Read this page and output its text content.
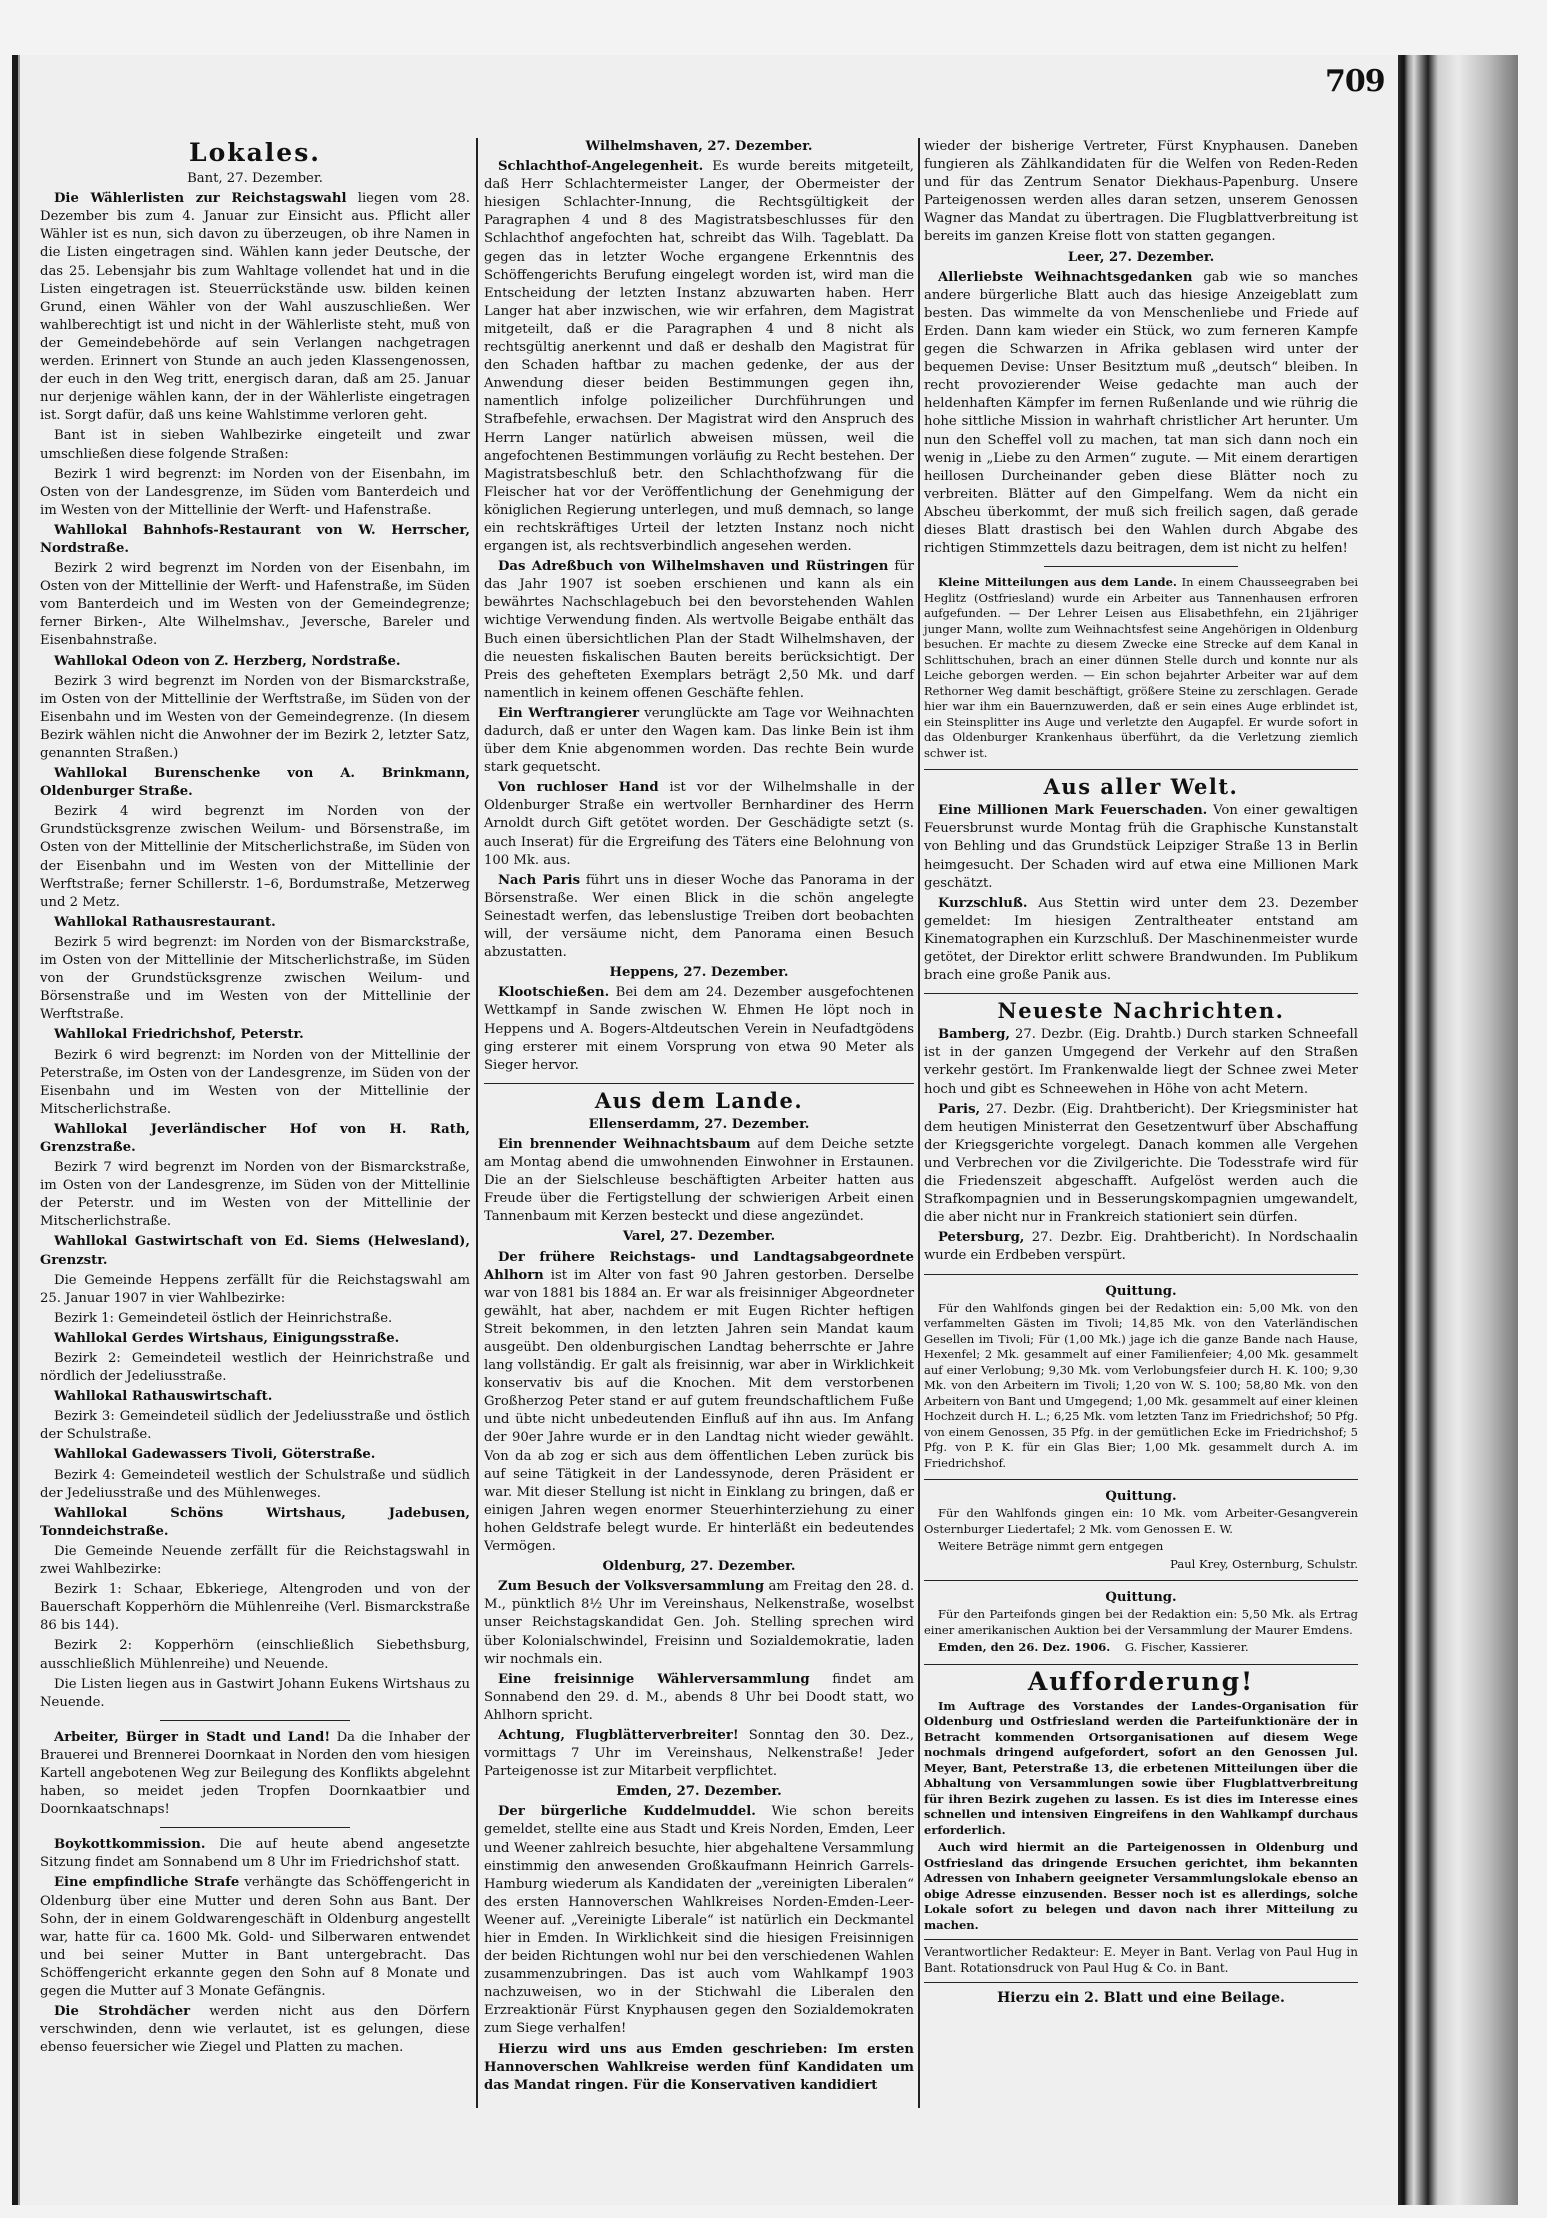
709
Lokales.
Bant, 27. Dezember.

Die Wählerlisten zur Reichstagswahl liegen vom 28. Dezember bis zum 4. Januar zur Einsicht aus. Pflicht aller Wähler ist es nun, sich davon zu überzeugen, ob ihre Namen in die Listen eingetragen sind. Wählen kann jeder Deutsche, der das 25. Lebensjahr bis zum Wahltage vollendet hat und in die Listen eingetragen ist. Steuerrückstände usw. bilden keinen Grund, einen Wähler von der Wahl auszuschließen. Wer wahlberechtigt ist und nicht in der Wählerliste steht, muß von der Gemeindebehörde auf sein Verlangen nachgetragen werden. Erinnert von Stunde an auch jeden Klassengenossen, der euch in den Weg tritt, energisch daran, daß am 25. Januar nur derjenige wählen kann, der in der Wählerliste eingetragen ist. Sorgt dafür, daß uns keine Wahlstimme verloren geht.

Bant ist in sieben Wahlbezirke eingeteilt und zwar umschließen diese folgende Straßen:

Bezirk 1 wird begrenzt: im Norden von der Eisenbahn, im Osten von der Landesgrenze, im Süden vom Banterdeich und im Westen von der Mittellinie der Werft- und Hafenstraße.

Wahllokal Bahnhofs-Restaurant von W. Herrscher, Nordstraße.

Bezirk 2 wird begrenzt im Norden von der Eisenbahn, im Osten von der Mittellinie der Werft- und Hafenstraße, im Süden vom Banterdeich und im Westen von der Gemeindegrenze; ferner Birken-, Alte Wilhelmshav., Jeversche, Bareler und Eisenbahnstraße.

Wahllokal Odeon von Z. Herzberg, Nordstraße.

Bezirk 3 wird begrenzt im Norden von der Bismarckstraße, im Osten von der Mittellinie der Werftstraße, im Süden von der Eisenbahn und im Westen von der Gemeindegrenze. (In diesem Bezirk wählen nicht die Anwohner der im Bezirk 2, letzter Satz, genannten Straßen.)

Wahllokal Burenschenke von A. Brinkmann, Oldenburger Straße.

Bezirk 4 wird begrenzt im Norden von der Grundstücksgrenze zwischen Weilum- und Börsenstraße, im Osten von der Mittellinie der Mitscherlichstraße, im Süden von der Eisenbahn und im Westen von der Mittellinie der Werftstraße; ferner Schillerstr. 1–6, Bordumstraße, Metzerweg und 2 Metz.

Wahllokal Rathausrestaurant.

Bezirk 5 wird begrenzt: im Norden von der Bismarckstraße, im Osten von der Mittellinie der Mitscherlichstraße, im Süden von der Grundstücksgrenze zwischen Weilum- und Börsenstraße und im Westen von der Mittellinie der Werftstraße.

Wahllokal Friedrichshof, Peterstr.

Bezirk 6 wird begrenzt: im Norden von der Mittellinie der Peterstraße, im Osten von der Landesgrenze, im Süden von der Eisenbahn und im Westen von der Mittellinie der Mitscherlichstraße.

Wahllokal Jeverländischer Hof von H. Rath, Grenzstraße.

Bezirk 7 wird begrenzt im Norden von der Bismarckstraße, im Osten von der Landesgrenze, im Süden von der Mittellinie der Peterstr. und im Westen von der Mittellinie der Mitscherlichstraße.

Wahllokal Gastwirtschaft von Ed. Siems (Helwesland), Grenzstr.

Die Gemeinde Heppens zerfällt für die Reichstagswahl am 25. Januar 1907 in vier Wahlbezirke:

Bezirk 1: Gemeindeteil östlich der Heinrichstraße.

Wahllokal Gerdes Wirtshaus, Einigungsstraße.

Bezirk 2: Gemeindeteil westlich der Heinrichstraße und nördlich der Jedeliusstraße.

Wahllokal Rathauswirtschaft.

Bezirk 3: Gemeindeteil südlich der Jedeliusstraße und östlich der Schulstraße.

Wahllokal Gadewassers Tivoli, Göterstraße.

Bezirk 4: Gemeindeteil westlich der Schulstraße und südlich der Jedeliusstraße und des Mühlenweges.

Wahllokal Schöns Wirtshaus, Jadebusen, Tonndeichstraße.

Die Gemeinde Neuende zerfällt für die Reichstagswahl in zwei Wahlbezirke:

Bezirk 1: Schaar, Ebkeriege, Altengroden und von der Bauerschaft Kopperhörn die Mühlenreihe (Verl. Bismarckstraße 86 bis 144).

Bezirk 2: Kopperhörn (einschließlich Siebethsburg, ausschließlich Mühlenreihe) und Neuende.

Die Listen liegen aus in Gastwirt Johann Eukens Wirtshaus zu Neuende.

Arbeiter, Bürger in Stadt und Land! Da die Inhaber der Brauerei und Brennerei Doornkaat in Norden den vom hiesigen Kartell angebotenen Weg zur Beilegung des Konflikts abgelehnt haben, so meidet jeden Tropfen Doornkaatbier und Doornkaatschnaps!

Boykottkommission. Die auf heute abend angesetzte Sitzung findet am Sonnabend um 8 Uhr im Friedrichshof statt.

Eine empfindliche Strafe verhängte das Schöffengericht in Oldenburg über eine Mutter und deren Sohn aus Bant. Der Sohn, der in einem Goldwarengeschäft in Oldenburg angestellt war, hatte für ca. 1600 Mk. Gold- und Silberwaren entwendet und bei seiner Mutter in Bant untergebracht. Das Schöffengericht erkannte gegen den Sohn auf 8 Monate und gegen die Mutter auf 3 Monate Gefängnis.

Die Strohdächer werden nicht aus den Dörfern verschwinden, denn wie verlautet, ist es gelungen, diese ebenso feuersicher wie Ziegel und Platten zu machen.

Wilhelmshaven, 27. Dezember.

Schlachthof-Angelegenheit. Es wurde bereits mitgeteilt, daß Herr Schlachtermeister Langer, der Obermeister der hiesigen Schlachter-Innung, die Rechtsgültigkeit der Paragraphen 4 und 8 des Magistratsbeschlusses für den Schlachthof angefochten hat, schreibt das Wilh. Tageblatt. Da gegen das in letzter Woche ergangene Erkenntnis des Schöffengerichts Berufung eingelegt worden ist, wird man die Entscheidung der letzten Instanz abzuwarten haben. Herr Langer hat aber inzwischen, wie wir erfahren, dem Magistrat mitgeteilt, daß er die Paragraphen 4 und 8 nicht als rechtsgültig anerkennt und daß er deshalb den Magistrat für den Schaden haftbar zu machen gedenke, der aus der Anwendung dieser beiden Bestimmungen gegen ihn, namentlich infolge polizeilicher Durchführungen und Strafbefehle, erwachsen. Der Magistrat wird den Anspruch des Herrn Langer natürlich abweisen müssen, weil die angefochtenen Bestimmungen vorläufig zu Recht bestehen. Der Magistratsbeschluß betr. den Schlachthofzwang für die Fleischer hat vor der Veröffentlichung der Genehmigung der königlichen Regierung unterlegen, und muß demnach, so lange ein rechtskräftiges Urteil der letzten Instanz noch nicht ergangen ist, als rechtsverbindlich angesehen werden.

Das Adreßbuch von Wilhelmshaven und Rüstringen für das Jahr 1907 ist soeben erschienen und kann als ein bewährtes Nachschlagebuch bei den bevorstehenden Wahlen wichtige Verwendung finden. Als wertvolle Beigabe enthält das Buch einen übersichtlichen Plan der Stadt Wilhelmshaven, der die neuesten fiskalischen Bauten bereits berücksichtigt. Der Preis des gehefteten Exemplars beträgt 2,50 Mk. und darf namentlich in keinem offenen Geschäfte fehlen.

Ein Werftrangierer verunglückte am Tage vor Weihnachten dadurch, daß er unter den Wagen kam. Das linke Bein ist ihm über dem Knie abgenommen worden. Das rechte Bein wurde stark gequetscht.

Von ruchloser Hand ist vor der Wilhelmshalle in der Oldenburger Straße ein wertvoller Bernhardiner des Herrn Arnoldt durch Gift getötet worden. Der Geschädigte setzt (s. auch Inserat) für die Ergreifung des Täters eine Belohnung von 100 Mk. aus.

Nach Paris führt uns in dieser Woche das Panorama in der Börsenstraße. Wer einen Blick in die schön angelegte Seinestadt werfen, das lebenslustige Treiben dort beobachten will, der versäume nicht, dem Panorama einen Besuch abzustatten.

Heppens, 27. Dezember.

Klootschießen. Bei dem am 24. Dezember ausgefochtenen Wettkampf in Sande zwischen W. Ehmen He löpt noch in Heppens und A. Bogers-Altdeutschen Verein in Neufadtgödens ging ersterer mit einem Vorsprung von etwa 90 Meter als Sieger hervor.

Aus dem Lande.
Ellenserdamm, 27. Dezember.

Ein brennender Weihnachtsbaum auf dem Deiche setzte am Montag abend die umwohnenden Einwohner in Erstaunen. Die an der Sielschleuse beschäftigten Arbeiter hatten aus Freude über die Fertigstellung der schwierigen Arbeit einen Tannenbaum mit Kerzen besteckt und diese angezündet.

Varel, 27. Dezember.

Der frühere Reichstags- und Landtagsabgeordnete Ahlhorn ist im Alter von fast 90 Jahren gestorben. Derselbe war von 1881 bis 1884 an. Er war als freisinniger Abgeordneter gewählt, hat aber, nachdem er mit Eugen Richter heftigen Streit bekommen, in den letzten Jahren sein Mandat kaum ausgeübt. Den oldenburgischen Landtag beherrschte er Jahre lang vollständig. Er galt als freisinnig, war aber in Wirklichkeit konservativ bis auf die Knochen. Mit dem verstorbenen Großherzog Peter stand er auf gutem freundschaftlichem Fuße und übte nicht unbedeutenden Einfluß auf ihn aus. Im Anfang der 90er Jahre wurde er in den Landtag nicht wieder gewählt. Von da ab zog er sich aus dem öffentlichen Leben zurück bis auf seine Tätigkeit in der Landessynode, deren Präsident er war. Mit dieser Stellung ist nicht in Einklang zu bringen, daß er einigen Jahren wegen enormer Steuerhinterziehung zu einer hohen Geldstrafe belegt wurde. Er hinterläßt ein bedeutendes Vermögen.

Oldenburg, 27. Dezember.

Zum Besuch der Volksversammlung am Freitag den 28. d. M., pünktlich 8½ Uhr im Vereinshaus, Nelkenstraße, woselbst unser Reichstagskandidat Gen. Joh. Stelling sprechen wird über Kolonialschwindel, Freisinn und Sozialdemokratie, laden wir nochmals ein.

Eine freisinnige Wählerversammlung findet am Sonnabend den 29. d. M., abends 8 Uhr bei Doodt statt, wo Ahlhorn spricht.

Achtung, Flugblätterverbreiter! Sonntag den 30. Dez., vormittags 7 Uhr im Vereinshaus, Nelkenstraße! Jeder Parteigenosse ist zur Mitarbeit verpflichtet.

Emden, 27. Dezember.

Der bürgerliche Kuddelmuddel. Wie schon bereits gemeldet, stellte eine aus Stadt und Kreis Norden, Emden, Leer und Weener zahlreich besuchte, hier abgehaltene Versammlung einstimmig den anwesenden Großkaufmann Heinrich Garrels-Hamburg wiederum als Kandidaten der „vereinigten Liberalen“ des ersten Hannoverschen Wahlkreises Norden-Emden-Leer-Weener auf. „Vereinigte Liberale“ ist natürlich ein Deckmantel hier in Emden. In Wirklichkeit sind die hiesigen Freisinnigen der beiden Richtungen wohl nur bei den verschiedenen Wahlen zusammenzubringen. Das ist auch vom Wahlkampf 1903 nachzuweisen, wo in der Stichwahl die Liberalen den Erzreaktionär Fürst Knyphausen gegen den Sozialdemokraten zum Siege verhalfen!

Hierzu wird uns aus Emden geschrieben: Im ersten Hannoverschen Wahlkreise werden fünf Kandidaten um das Mandat ringen. Für die Konservativen kandidiert

wieder der bisherige Vertreter, Fürst Knyphausen. Daneben fungieren als Zählkandidaten für die Welfen von Reden-Reden und für das Zentrum Senator Diekhaus-Papenburg. Unsere Parteigenossen werden alles daran setzen, unserem Genossen Wagner das Mandat zu übertragen. Die Flugblattverbreitung ist bereits im ganzen Kreise flott von statten gegangen.

Leer, 27. Dezember.

Allerliebste Weihnachtsgedanken gab wie so manches andere bürgerliche Blatt auch das hiesige Anzeigeblatt zum besten. Das wimmelte da von Menschenliebe und Friede auf Erden. Dann kam wieder ein Stück, wo zum ferneren Kampfe gegen die Schwarzen in Afrika geblasen wird unter der bequemen Devise: Unser Besitztum muß „deutsch“ bleiben. In recht provozierender Weise gedachte man auch der heldenhaften Kämpfer im fernen Rußenlande und wie rührig die hohe sittliche Mission in wahrhaft christlicher Art herunter. Um nun den Scheffel voll zu machen, tat man sich dann noch ein wenig in „Liebe zu den Armen“ zugute. — Mit einem derartigen heillosen Durcheinander geben diese Blätter noch zu verbreiten. Blätter auf den Gimpelfang. Wem da nicht ein Abscheu überkommt, der muß sich freilich sagen, daß gerade dieses Blatt drastisch bei den Wahlen durch Abgabe des richtigen Stimmzettels dazu beitragen, dem ist nicht zu helfen!

Kleine Mitteilungen aus dem Lande. In einem Chausseegraben bei Heglitz (Ostfriesland) wurde ein Arbeiter aus Tannenhausen erfroren aufgefunden. — Der Lehrer Leisen aus Elisabethfehn, ein 21jähriger junger Mann, wollte zum Weihnachtsfest seine Angehörigen in Oldenburg besuchen. Er machte zu diesem Zwecke eine Strecke auf dem Kanal in Schlittschuhen, brach an einer dünnen Stelle durch und konnte nur als Leiche geborgen werden. — Ein schon bejahrter Arbeiter war auf dem Rethorner Weg damit beschäftigt, größere Steine zu zerschlagen. Gerade hier war ihm ein Bauernzuwerden, daß er sein eines Auge erblindet ist, ein Steinsplitter ins Auge und verletzte den Augapfel. Er wurde sofort in das Oldenburger Krankenhaus überführt, da die Verletzung ziemlich schwer ist.

Aus aller Welt.

Eine Millionen Mark Feuerschaden. Von einer gewaltigen Feuersbrunst wurde Montag früh die Graphische Kunstanstalt von Behling und das Grundstück Leipziger Straße 13 in Berlin heimgesucht. Der Schaden wird auf etwa eine Millionen Mark geschätzt.

Kurzschluß. Aus Stettin wird unter dem 23. Dezember gemeldet: Im hiesigen Zentraltheater entstand am Kinematographen ein Kurzschluß. Der Maschinenmeister wurde getötet, der Direktor erlitt schwere Brandwunden. Im Publikum brach eine große Panik aus.

Neueste Nachrichten.

Bamberg, 27. Dezbr. (Eig. Drahtb.) Durch starken Schneefall ist in der ganzen Umgegend der Verkehr auf den Straßen verkehr gestört. Im Frankenwalde liegt der Schnee zwei Meter hoch und gibt es Schneewehen in Höhe von acht Metern.

Paris, 27. Dezbr. (Eig. Drahtbericht). Der Kriegsminister hat dem heutigen Ministerrat den Gesetzentwurf über Abschaffung der Kriegsgerichte vorgelegt. Danach kommen alle Vergehen und Verbrechen vor die Zivilgerichte. Die Todesstrafe wird für die Friedenszeit abgeschafft. Aufgelöst werden auch die Strafkompagnien und in Besserungskompagnien umgewandelt, die aber nicht nur in Frankreich stationiert sein dürfen.

Petersburg, 27. Dezbr. Eig. Drahtbericht). In Nordschaalin wurde ein Erdbeben verspürt.

Quittung.

Für den Wahlfonds gingen bei der Redaktion ein: 5,00 Mk. von den verfammelten Gästen im Tivoli; 14,85 Mk. von den Vaterländischen Gesellen im Tivoli; Für (1,00 Mk.) jage ich die ganze Bande nach Hause, Hexenfel; 2 Mk. gesammelt auf einer Familienfeier; 4,00 Mk. gesammelt auf einer Verlobung; 9,30 Mk. vom Verlobungsfeier durch H. K. 100; 9,30 Mk. von den Arbeitern im Tivoli; 1,20 von W. S. 100; 58,80 Mk. von den Arbeitern von Bant und Umgegend; 1,00 Mk. gesammelt auf einer kleinen Hochzeit durch H. L.; 6,25 Mk. vom letzten Tanz im Friedrichshof; 50 Pfg. von einem Genossen, 35 Pfg. in der gemütlichen Ecke im Friedrichshof; 5 Pfg. von P. K. für ein Glas Bier; 1,00 Mk. gesammelt durch A. im Friedrichshof.

Quittung.

Für den Wahlfonds gingen ein: 10 Mk. vom Arbeiter-Gesangverein Osternburger Liedertafel; 2 Mk. vom Genossen E. W.

Weitere Beträge nimmt gern entgegen

Paul Krey, Osternburg, Schulstr.

Quittung.

Für den Parteifonds gingen bei der Redaktion ein: 5,50 Mk. als Ertrag einer amerikanischen Auktion bei der Versammlung der Maurer Emdens.

Emden, den 26. Dez. 1906. G. Fischer, Kassierer.

Aufforderung!

Im Auftrage des Vorstandes der Landes-Organisation für Oldenburg und Ostfriesland werden die Parteifunktionäre der in Betracht kommenden Ortsorganisationen auf diesem Wege nochmals dringend aufgefordert, sofort an den Genossen Jul. Meyer, Bant, Peterstraße 13, die erbetenen Mitteilungen über die Abhaltung von Versammlungen sowie über Flugblattverbreitung für ihren Bezirk zugehen zu lassen. Es ist dies im Interesse eines schnellen und intensiven Eingreifens in den Wahlkampf durchaus erforderlich.

Auch wird hiermit an die Parteigenossen in Oldenburg und Ostfriesland das dringende Ersuchen gerichtet, ihm bekannten Adressen von Inhabern geeigneter Versammlungslokale ebenso an obige Adresse einzusenden. Besser noch ist es allerdings, solche Lokale sofort zu belegen und davon nach ihrer Mitteilung zu machen.

Verantwortlicher Redakteur: E. Meyer in Bant. Verlag von Paul Hug in Bant. Rotationsdruck von Paul Hug & Co. in Bant.

Hierzu ein 2. Blatt und eine Beilage.
